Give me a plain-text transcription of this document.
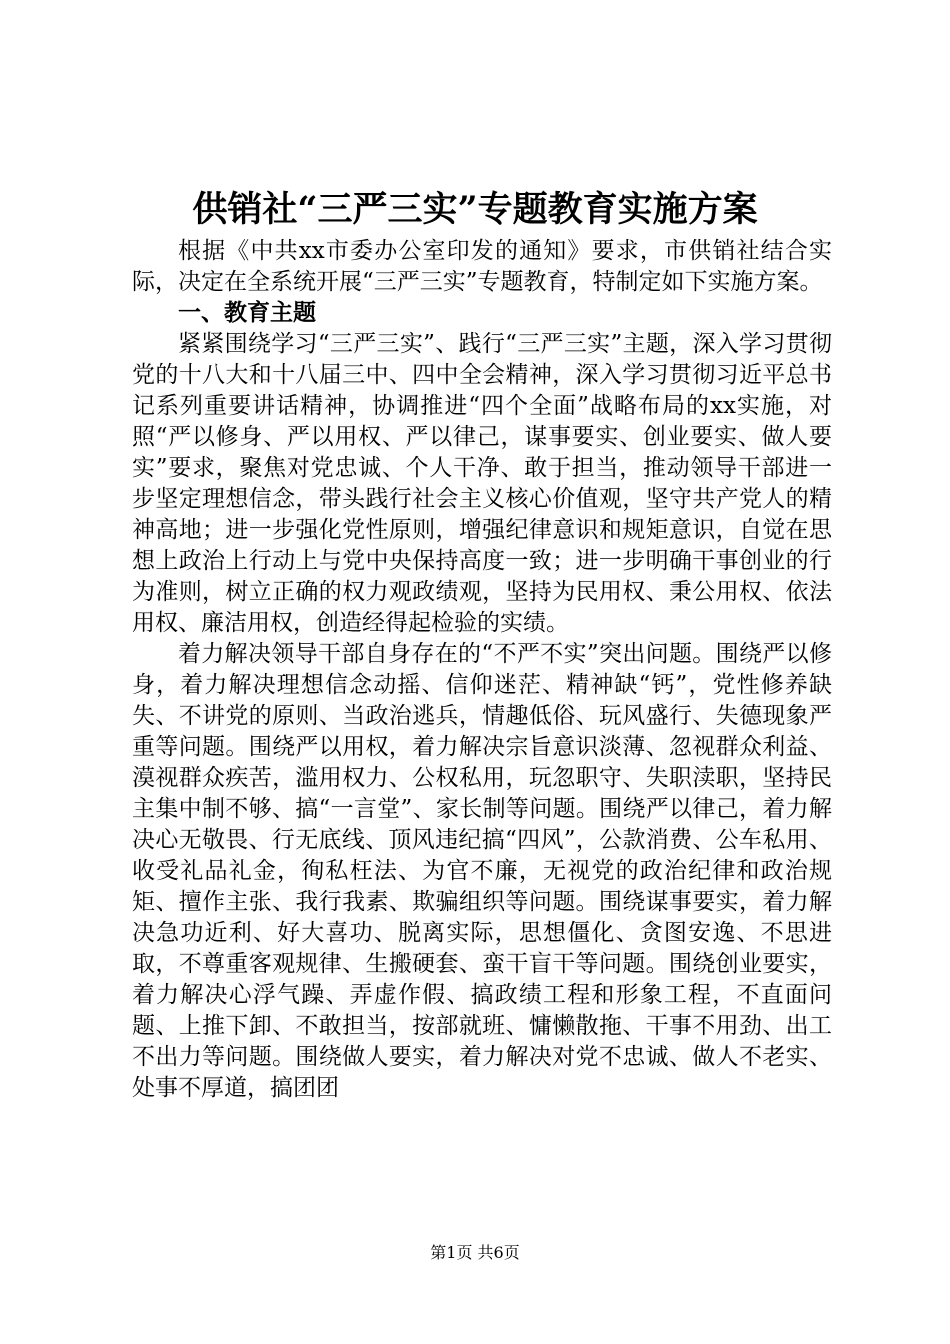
供销社“三严三实”专题教育实施方案

根据《中共xx市委办公室印发的通知》要求，市供销社结合实际，决定在全系统开展“三严三实”专题教育，特制定如下实施方案。

一、教育主题

紧紧围绕学习“三严三实”、践行“三严三实”主题，深入学习贯彻党的十八大和十八届三中、四中全会精神，深入学习贯彻习近平总书记系列重要讲话精神，协调推进“四个全面”战略布局的xx实施，对照“严以修身、严以用权、严以律己，谋事要实、创业要实、做人要实”要求，聚焦对党忠诚、个人干净、敢于担当，推动领导干部进一步坚定理想信念，带头践行社会主义核心价值观，坚守共产党人的精神高地；进一步强化党性原则，增强纪律意识和规矩意识，自觉在思想上政治上行动上与党中央保持高度一致；进一步明确干事创业的行为准则，树立正确的权力观政绩观，坚持为民用权、秉公用权、依法用权、廉洁用权，创造经得起检验的实绩。

着力解决领导干部自身存在的“不严不实”突出问题。围绕严以修身，着力解决理想信念动摇、信仰迷茫、精神缺“钙”，党性修养缺失、不讲党的原则、当政治逃兵，情趣低俗、玩风盛行、失德现象严重等问题。围绕严以用权，着力解决宗旨意识淡薄、忽视群众利益、漠视群众疾苦，滥用权力、公权私用，玩忽职守、失职渎职，坚持民主集中制不够、搞“一言堂”、家长制等问题。围绕严以律己，着力解决心无敬畏、行无底线、顶风违纪搞“四风”，公款消费、公车私用、收受礼品礼金，徇私枉法、为官不廉，无视党的政治纪律和政治规矩、擅作主张、我行我素、欺骗组织等问题。围绕谋事要实，着力解决急功近利、好大喜功、脱离实际，思想僵化、贪图安逸、不思进取，不尊重客观规律、生搬硬套、蛮干盲干等问题。围绕创业要实，着力解决心浮气躁、弄虚作假、搞政绩工程和形象工程，不直面问题、上推下卸、不敢担当，按部就班、慵懒散拖、干事不用劲、出工不出力等问题。围绕做人要实，着力解决对党不忠诚、做人不老实、处事不厚道，搞团团

第1页 共6页
